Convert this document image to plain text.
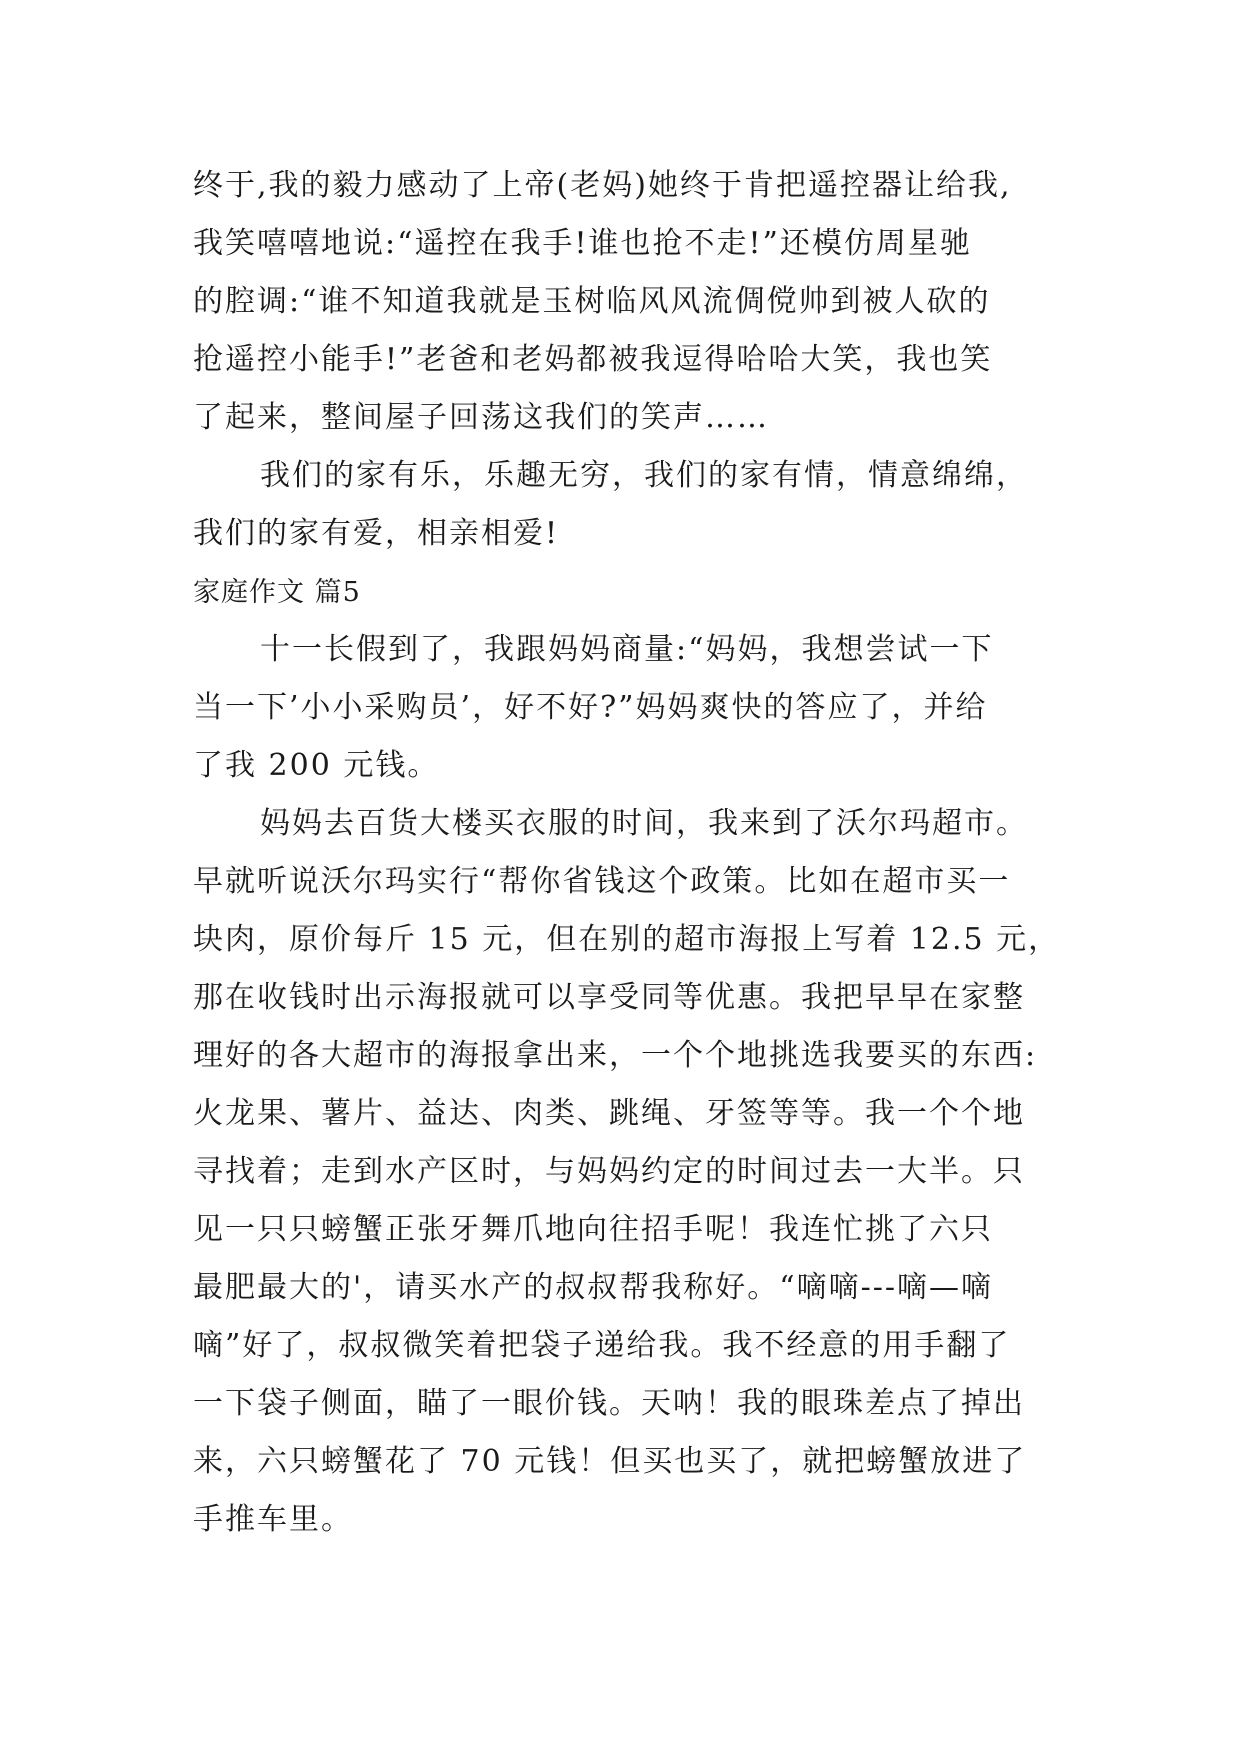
终于,我的毅力感动了上帝(老妈)她终于肯把遥控器让给我,
我笑嘻嘻地说:“遥控在我手!谁也抢不走!”还模仿周星驰
的腔调:“谁不知道我就是玉树临风风流倜傥帅到被人砍的
抢遥控小能手!”老爸和老妈都被我逗得哈哈大笑，我也笑
了起来，整间屋子回荡这我们的笑声……
我们的家有乐，乐趣无穷，我们的家有情，情意绵绵，
我们的家有爱，相亲相爱!
家庭作文 篇5
十一长假到了，我跟妈妈商量:“妈妈，我想尝试一下
当一下’小小采购员’，好不好?”妈妈爽快的答应了，并给
了我 200 元钱。
妈妈去百货大楼买衣服的时间，我来到了沃尔玛超市。
早就听说沃尔玛实行“帮你省钱这个政策。比如在超市买一
块肉，原价每斤 15 元，但在别的超市海报上写着 12.5 元，
那在收钱时出示海报就可以享受同等优惠。我把早早在家整
理好的各大超市的海报拿出来，一个个地挑选我要买的东西:
火龙果、薯片、益达、肉类、跳绳、牙签等等。我一个个地
寻找着；走到水产区时，与妈妈约定的时间过去一大半。只
见一只只螃蟹正张牙舞爪地向往招手呢！我连忙挑了六只
最肥最大的'，请买水产的叔叔帮我称好。“嘀嘀---嘀—嘀
嘀”好了，叔叔微笑着把袋子递给我。我不经意的用手翻了
一下袋子侧面，瞄了一眼价钱。天呐！我的眼珠差点了掉出
来，六只螃蟹花了 70 元钱！但买也买了，就把螃蟹放进了
手推车里。
